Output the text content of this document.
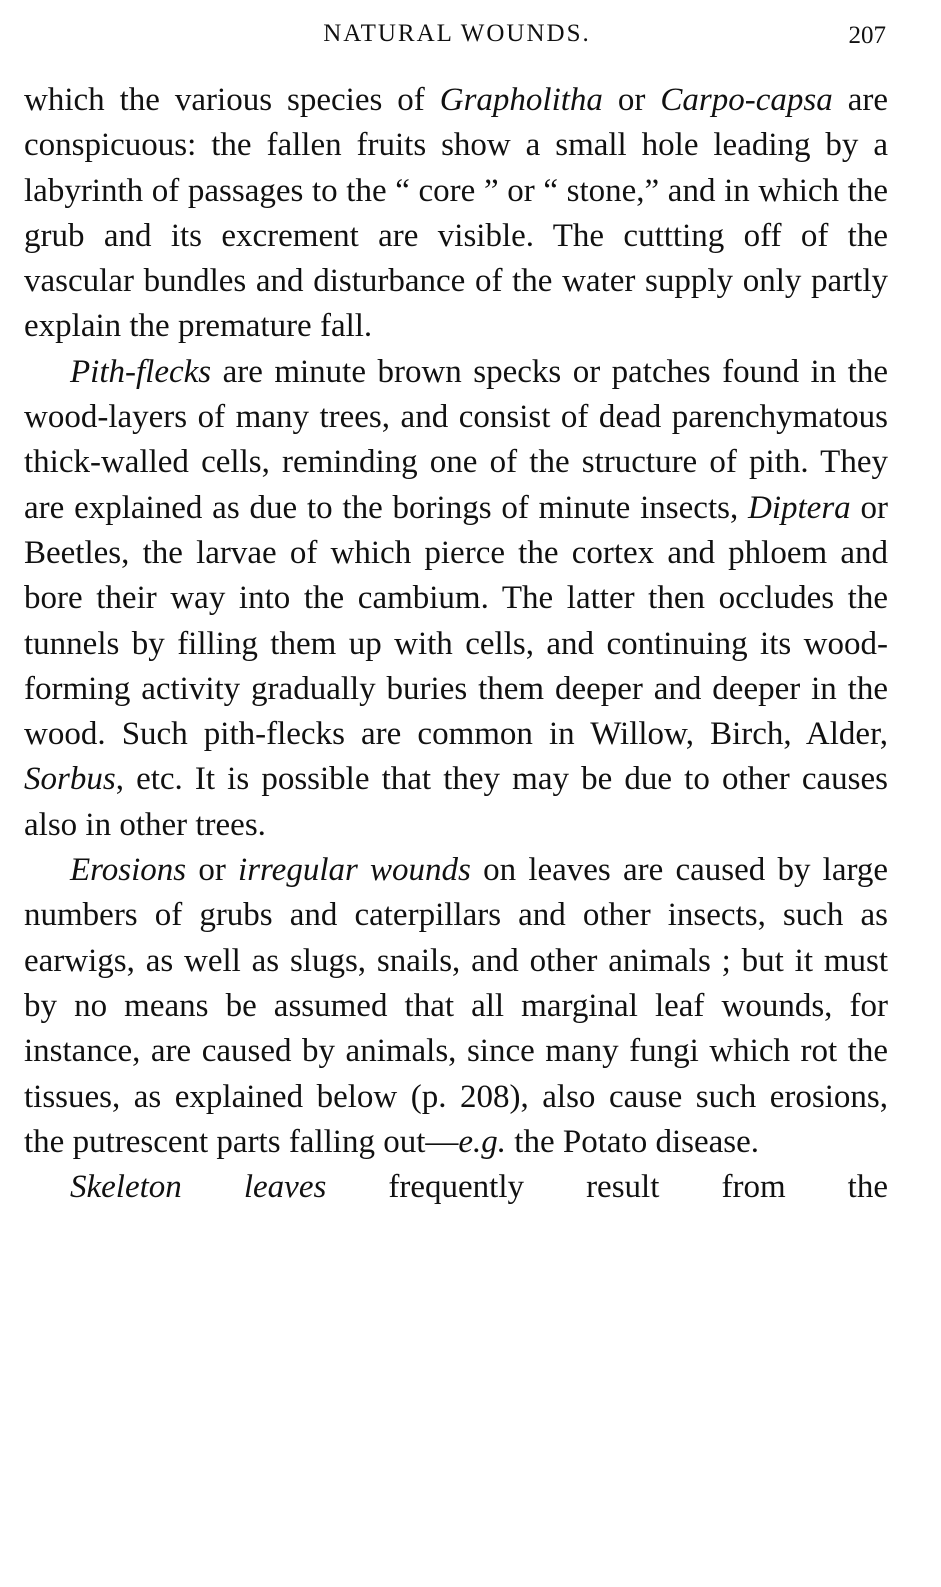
NATURAL WOUNDS.	207

which the various species of Grapholitha or Carpo-capsa are conspicuous: the fallen fruits show a small hole leading by a labyrinth of passages to the “ core ” or “ stone,” and in which the grub and its excrement are visible. The cuttting off of the vascular bundles and disturbance of the water supply only partly explain the premature fall.

Pith-flecks are minute brown specks or patches found in the wood-layers of many trees, and consist of dead parenchymatous thick-walled cells, reminding one of the structure of pith. They are explained as due to the borings of minute insects, Diptera or Beetles, the larvae of which pierce the cortex and phloem and bore their way into the cambium. The latter then occludes the tunnels by filling them up with cells, and continuing its wood-forming activity gradually buries them deeper and deeper in the wood. Such pith-flecks are common in Willow, Birch, Alder, Sorbus, etc. It is possible that they may be due to other causes also in other trees.

Erosions or irregular wounds on leaves are caused by large numbers of grubs and caterpillars and other insects, such as earwigs, as well as slugs, snails, and other animals ; but it must by no means be assumed that all marginal leaf wounds, for instance, are caused by animals, since many fungi which rot the tissues, as explained below (p. 208), also cause such erosions, the putrescent parts falling out—e.g. the Potato disease.

Skeleton leaves frequently result from the
